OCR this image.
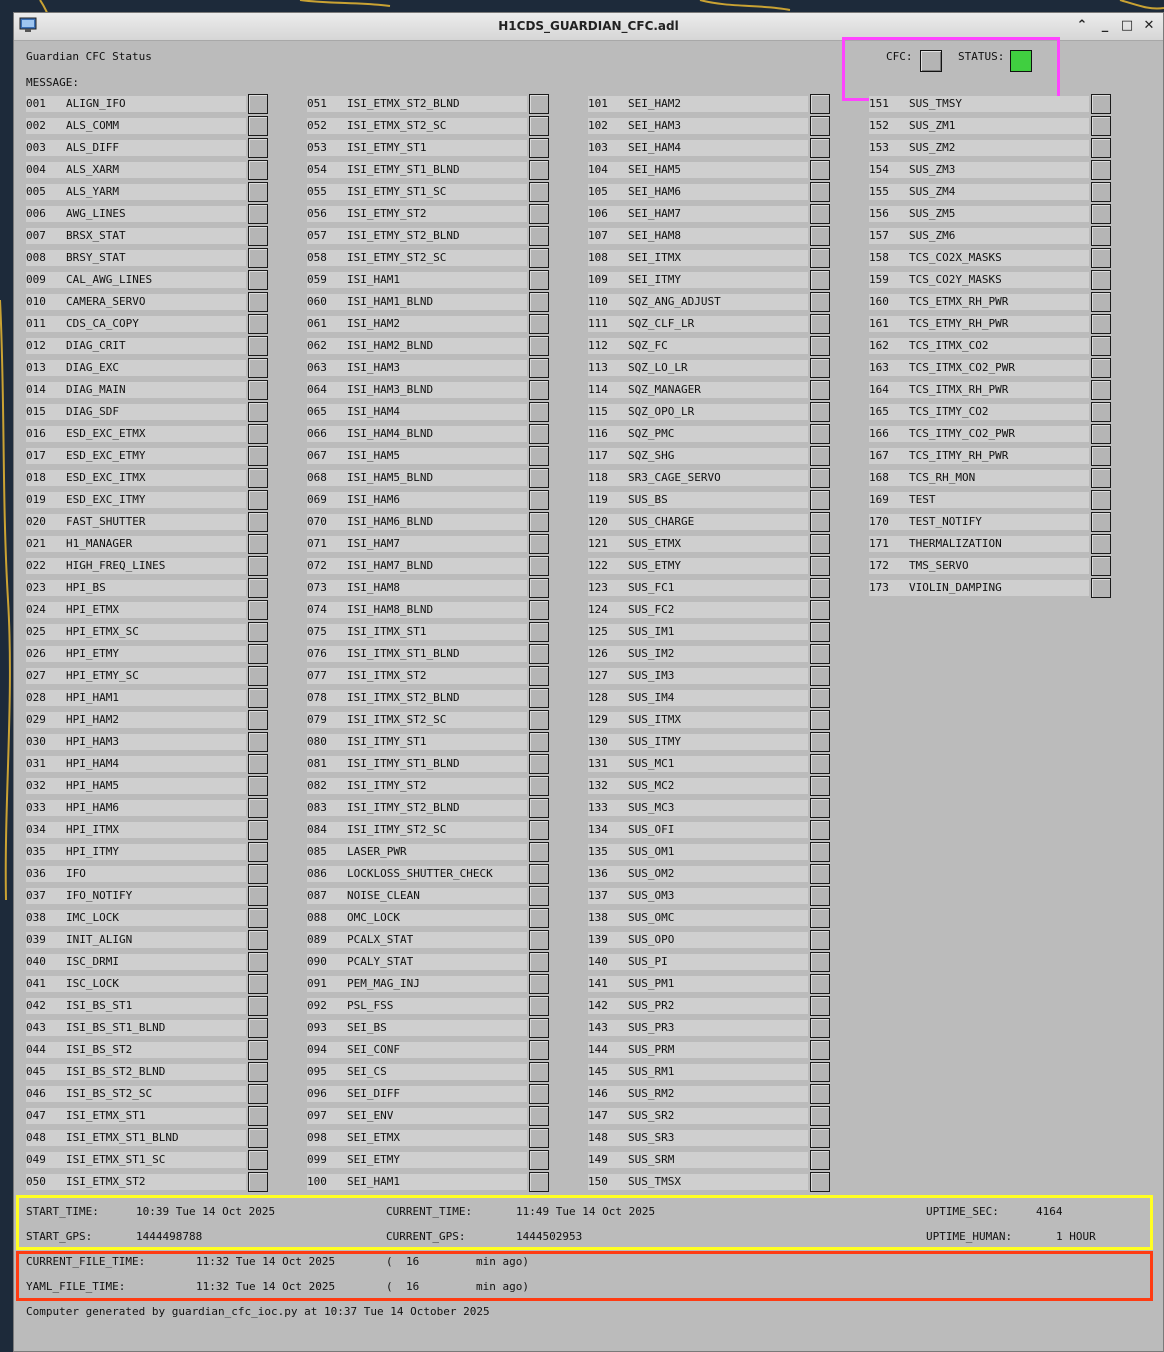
H1CDS_GUARDIAN_CFC.adl	⌃	_ □ ✕
Guardian CFC Status
MESSAGE:
CFC:	STATUS:
001 ALIGN_IFO
002 ALS_COMM
003 ALS_DIFF
004 ALS_XARM
005 ALS_YARM
006 AWG_LINES
007 BRSX_STAT
008 BRSY_STAT
009 CAL_AWG_LINES
010 CAMERA_SERVO
011 CDS_CA_COPY
012 DIAG_CRIT
013 DIAG_EXC
014 DIAG_MAIN
015 DIAG_SDF
016 ESD_EXC_ETMX
017 ESD_EXC_ETMY
018 ESD_EXC_ITMX
019 ESD_EXC_ITMY
020 FAST_SHUTTER
021 H1_MANAGER
022 HIGH_FREQ_LINES
023 HPI_BS
024 HPI_ETMX
025 HPI_ETMX_SC
026 HPI_ETMY
027 HPI_ETMY_SC
028 HPI_HAM1
029 HPI_HAM2
030 HPI_HAM3
031 HPI_HAM4
032 HPI_HAM5
033 HPI_HAM6
034 HPI_ITMX
035 HPI_ITMY
036 IFO
037 IFO_NOTIFY
038 IMC_LOCK
039 INIT_ALIGN
040 ISC_DRMI
041 ISC_LOCK
042 ISI_BS_ST1
043 ISI_BS_ST1_BLND
044 ISI_BS_ST2
045 ISI_BS_ST2_BLND
046 ISI_BS_ST2_SC
047 ISI_ETMX_ST1
048 ISI_ETMX_ST1_BLND
049 ISI_ETMX_ST1_SC
050 ISI_ETMX_ST2
051 ISI_ETMX_ST2_BLND
052 ISI_ETMX_ST2_SC
053 ISI_ETMY_ST1
054 ISI_ETMY_ST1_BLND
055 ISI_ETMY_ST1_SC
056 ISI_ETMY_ST2
057 ISI_ETMY_ST2_BLND
058 ISI_ETMY_ST2_SC
059 ISI_HAM1
060 ISI_HAM1_BLND
061 ISI_HAM2
062 ISI_HAM2_BLND
063 ISI_HAM3
064 ISI_HAM3_BLND
065 ISI_HAM4
066 ISI_HAM4_BLND
067 ISI_HAM5
068 ISI_HAM5_BLND
069 ISI_HAM6
070 ISI_HAM6_BLND
071 ISI_HAM7
072 ISI_HAM7_BLND
073 ISI_HAM8
074 ISI_HAM8_BLND
075 ISI_ITMX_ST1
076 ISI_ITMX_ST1_BLND
077 ISI_ITMX_ST2
078 ISI_ITMX_ST2_BLND
079 ISI_ITMX_ST2_SC
080 ISI_ITMY_ST1
081 ISI_ITMY_ST1_BLND
082 ISI_ITMY_ST2
083 ISI_ITMY_ST2_BLND
084 ISI_ITMY_ST2_SC
085 LASER_PWR
086 LOCKLOSS_SHUTTER_CHECK
087 NOISE_CLEAN
088 OMC_LOCK
089 PCALX_STAT
090 PCALY_STAT
091 PEM_MAG_INJ
092 PSL_FSS
093 SEI_BS
094 SEI_CONF
095 SEI_CS
096 SEI_DIFF
097 SEI_ENV
098 SEI_ETMX
099 SEI_ETMY
100 SEI_HAM1
101 SEI_HAM2
102 SEI_HAM3
103 SEI_HAM4
104 SEI_HAM5
105 SEI_HAM6
106 SEI_HAM7
107 SEI_HAM8
108 SEI_ITMX
109 SEI_ITMY
110 SQZ_ANG_ADJUST
111 SQZ_CLF_LR
112 SQZ_FC
113 SQZ_LO_LR
114 SQZ_MANAGER
115 SQZ_OPO_LR
116 SQZ_PMC
117 SQZ_SHG
118 SR3_CAGE_SERVO
119 SUS_BS
120 SUS_CHARGE
121 SUS_ETMX
122 SUS_ETMY
123 SUS_FC1
124 SUS_FC2
125 SUS_IM1
126 SUS_IM2
127 SUS_IM3
128 SUS_IM4
129 SUS_ITMX
130 SUS_ITMY
131 SUS_MC1
132 SUS_MC2
133 SUS_MC3
134 SUS_OFI
135 SUS_OM1
136 SUS_OM2
137 SUS_OM3
138 SUS_OMC
139 SUS_OPO
140 SUS_PI
141 SUS_PM1
142 SUS_PR2
143 SUS_PR3
144 SUS_PRM
145 SUS_RM1
146 SUS_RM2
147 SUS_SR2
148 SUS_SR3
149 SUS_SRM
150 SUS_TMSX
151 SUS_TMSY
152 SUS_ZM1
153 SUS_ZM2
154 SUS_ZM3
155 SUS_ZM4
156 SUS_ZM5
157 SUS_ZM6
158 TCS_CO2X_MASKS
159 TCS_CO2Y_MASKS
160 TCS_ETMX_RH_PWR
161 TCS_ETMY_RH_PWR
162 TCS_ITMX_CO2
163 TCS_ITMX_CO2_PWR
164 TCS_ITMX_RH_PWR
165 TCS_ITMY_CO2
166 TCS_ITMY_CO2_PWR
167 TCS_ITMY_RH_PWR
168 TCS_RH_MON
169 TEST
170 TEST_NOTIFY
171 THERMALIZATION
172 TMS_SERVO
173 VIOLIN_DAMPING
START_TIME:	10:39 Tue 14 Oct 2025	CURRENT_TIME:	11:49 Tue 14 Oct 2025	UPTIME_SEC:	4164
START_GPS:	1444498788	CURRENT_GPS:	1444502953	UPTIME_HUMAN:	1 HOUR
CURRENT_FILE_TIME:	11:32 Tue 14 Oct 2025	( 16	min ago)
YAML_FILE_TIME:	11:32 Tue 14 Oct 2025	( 16	min ago)
Computer generated by guardian_cfc_ioc.py at 10:37 Tue 14 October 2025
